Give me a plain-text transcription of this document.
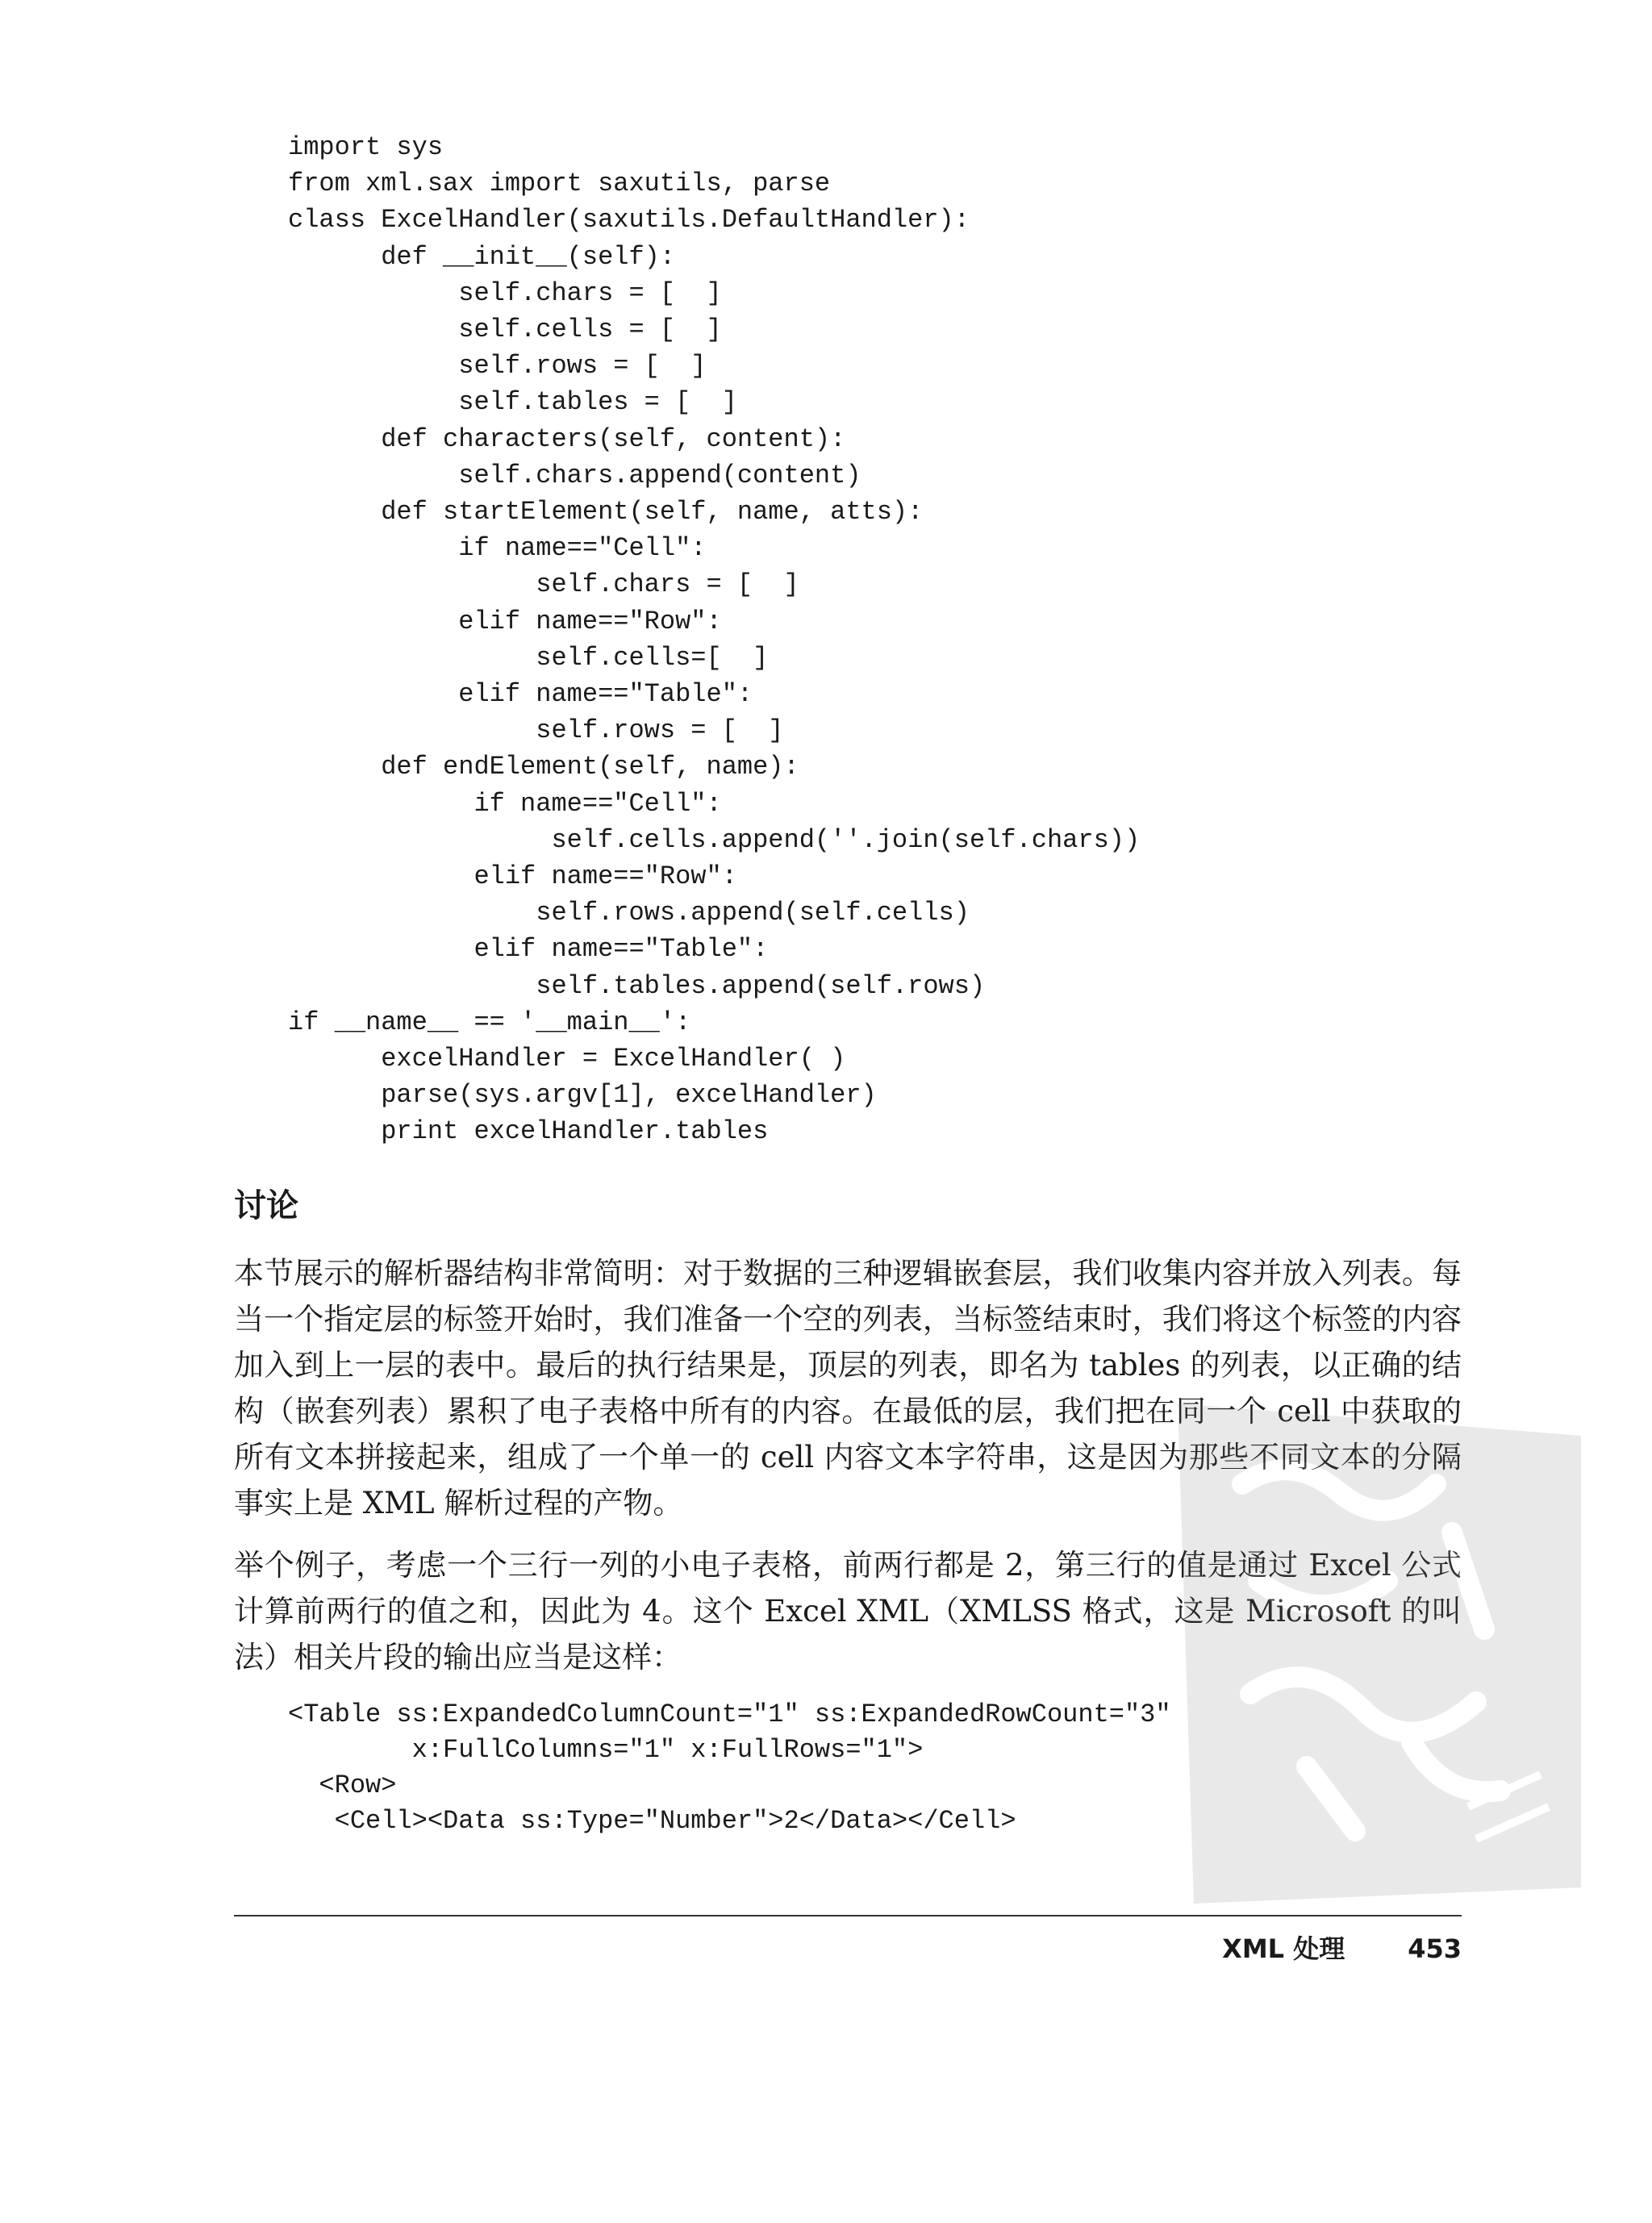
import sys
from xml.sax import saxutils, parse
class ExcelHandler(saxutils.DefaultHandler):
def __init__(self):
self.chars = [  ]
self.cells = [  ]
self.rows = [  ]
self.tables = [  ]
def characters(self, content):
self.chars.append(content)
def startElement(self, name, atts):
if name=="Cell":
self.chars = [  ]
elif name=="Row":
self.cells=[  ]
elif name=="Table":
self.rows = [  ]
def endElement(self, name):
if name=="Cell":
self.cells.append(''.join(self.chars))
elif name=="Row":
self.rows.append(self.cells)
elif name=="Table":
self.tables.append(self.rows)
if __name__ == '__main__':
excelHandler = ExcelHandler( )
parse(sys.argv[1], excelHandler)
print excelHandler.tables
讨论

本节展示的解析器结构非常简明：对于数据的三种逻辑嵌套层，我们收集内容并放入列表。每当一个指定层的标签开始时，我们准备一个空的列表，当标签结束时，我们将这个标签的内容加入到上一层的表中。最后的执行结果是，顶层的列表，即名为 tables 的列表，以正确的结构（嵌套列表）累积了电子表格中所有的内容。在最低的层，我们把在同一个 cell 中获取的所有文本拼接起来，组成了一个单一的 cell 内容文本字符串，这是因为那些不同文本的分隔事实上是 XML 解析过程的产物。

举个例子，考虑一个三行一列的小电子表格，前两行都是 2，第三行的值是通过 Excel 公式计算前两行的值之和，因此为 4。这个 Excel XML（XMLSS 格式，这是 Microsoft 的叫法）相关片段的输出应当是这样：

<Table ss:ExpandedColumnCount="1" ss:ExpandedRowCount="3"
x:FullColumns="1" x:FullRows="1">
<Row>
<Cell><Data ss:Type="Number">2</Data></Cell>
XML 处理 453
